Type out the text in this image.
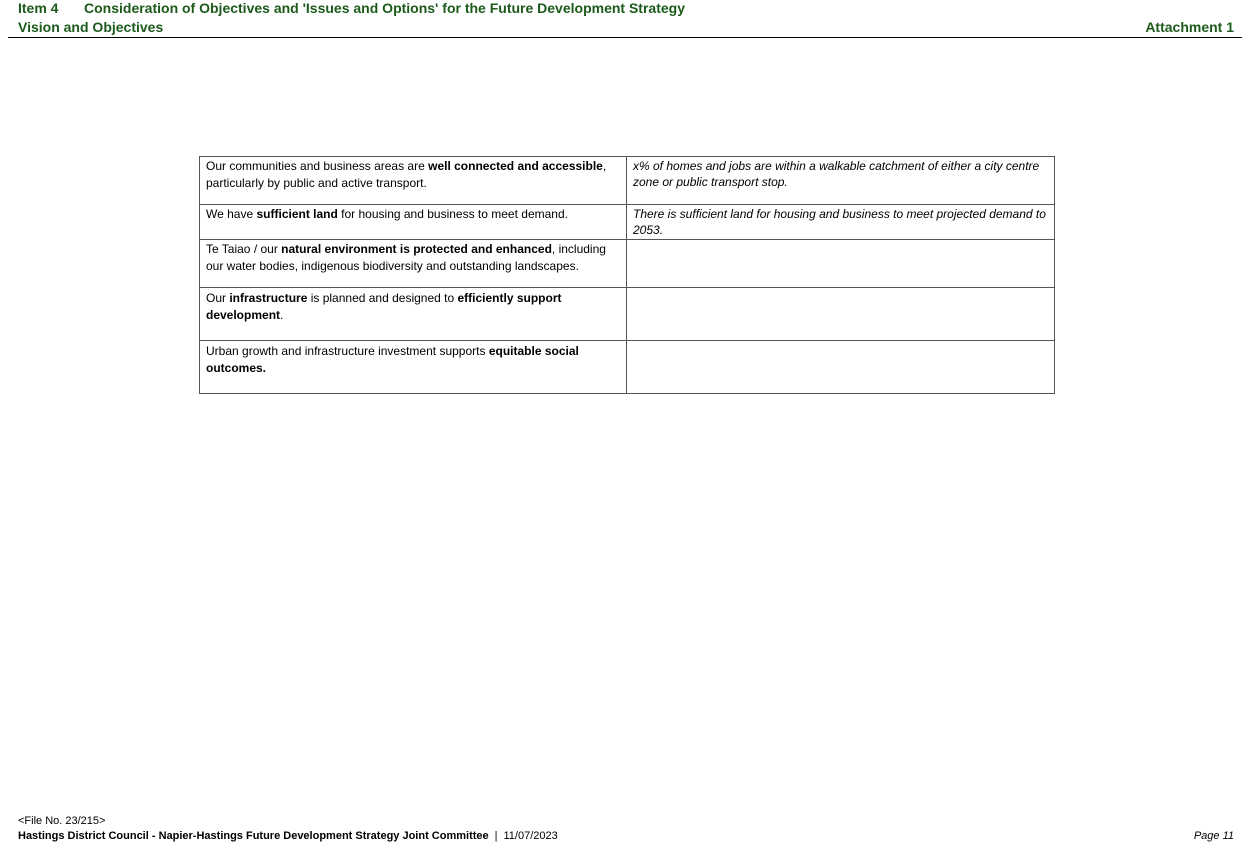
Item 4 Consideration of Objectives and 'Issues and Options' for the Future Development Strategy
Vision and Objectives	Attachment 1
Our communities and business areas are well connected and accessible, particularly by public and active transport.	x% of homes and jobs are within a walkable catchment of either a city centre zone or public transport stop.
We have sufficient land for housing and business to meet demand.	There is sufficient land for housing and business to meet projected demand to 2053.
Te Taiao / our natural environment is protected and enhanced, including our water bodies, indigenous biodiversity and outstanding landscapes.	
Our infrastructure is planned and designed to efficiently support development.	
Urban growth and infrastructure investment supports equitable social outcomes.	
<File No. 23/215>
Hastings District Council - Napier-Hastings Future Development Strategy Joint Committee | 11/07/2023	Page 11
